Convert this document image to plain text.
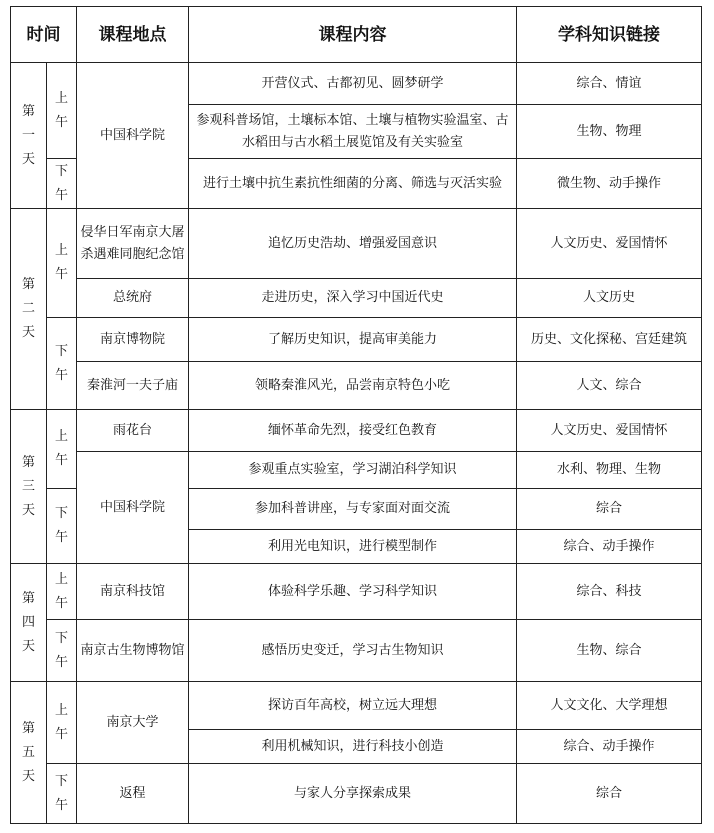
时间		课程地点	课程内容	学科知识链接
第一天	上午	中国科学院	开营仪式、古都初见、圆梦研学	综合、情谊
			参观科普场馆，土壤标本馆、土壤与植物实验温室、古水稻田与古水稻土展览馆及有关实验室	生物、物理
	下午		进行土壤中抗生素抗性细菌的分离、筛选与灭活实验	微生物、动手操作
第二天	上午	侵华日军南京大屠杀遇难同胞纪念馆	追忆历史浩劫、增强爱国意识	人文历史、爱国情怀
		总统府	走进历史，深入学习中国近代史	人文历史
	下午	南京博物院	了解历史知识，提高审美能力	历史、文化探秘、宫廷建筑
		秦淮河一夫子庙	领略秦淮风光，品尝南京特色小吃	人文、综合
第三天	上午	雨花台	缅怀革命先烈，接受红色教育	人文历史、爱国情怀
		中国科学院	参观重点实验室，学习湖泊科学知识	水利、物理、生物
	下午		参加科普讲座，与专家面对面交流	综合
			利用光电知识，进行模型制作	综合、动手操作
第四天	上午	南京科技馆	体验科学乐趣、学习科学知识	综合、科技
	下午	南京古生物博物馆	感悟历史变迁，学习古生物知识	生物、综合
第五天	上午	南京大学	探访百年高校，树立远大理想	人文文化、大学理想
			利用机械知识，进行科技小创造	综合、动手操作
	下午	返程	与家人分享探索成果	综合
